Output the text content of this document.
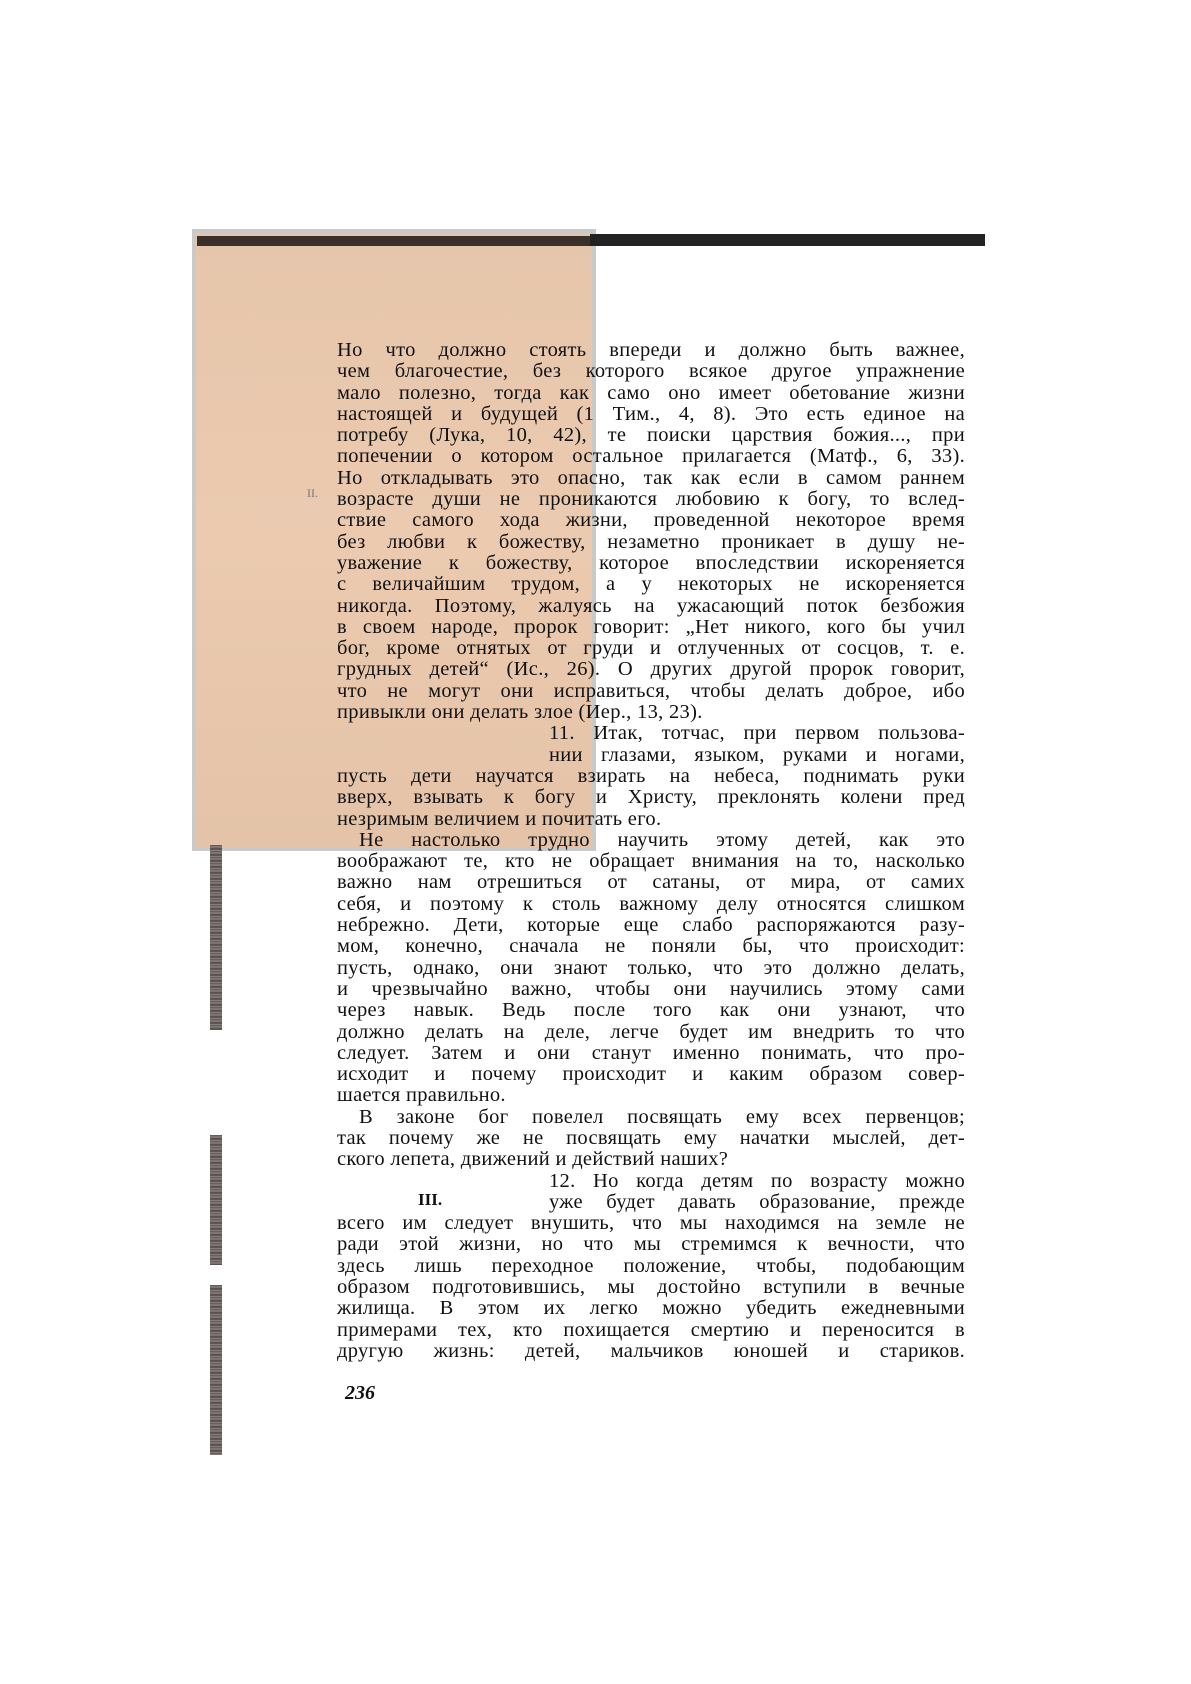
II.
Но что должно стоять впереди и должно быть важнее,
чем благочестие, без которого всякое другое упражнение
мало полезно, тогда как само оно имеет обетование жизни
настоящей и будущей (1 Тим., 4, 8). Это есть единое на
потребу (Лука, 10, 42), те поиски царствия божия..., при
попечении о котором остальное прилагается (Матф., 6, 33).
Но откладывать это опасно, так как если в самом раннем
возрасте души не проникаются любовию к богу, то вслед-
ствие самого хода жизни, проведенной некоторое время
без любви к божеству, незаметно проникает в душу не-
уважение к божеству, которое впоследствии искореняется
с величайшим трудом, а у некоторых не искореняется
никогда. Поэтому, жалуясь на ужасающий поток безбожия
в своем народе, пророк говорит: „Нет никого, кого бы учил
бог, кроме отнятых от груди и отлученных от сосцов, т. е.
грудных детей“ (Ис., 26). О других другой пророк говорит,
что не могут они исправиться, чтобы делать доброе, ибо
привыкли они делать злое (Иер., 13, 23).
11. Итак, тотчас, при первом пользова-
нии глазами, языком, руками и ногами,
пусть дети научатся взирать на небеса, поднимать руки
вверх, взывать к богу и Христу, преклонять колени пред
незримым величием и почитать его.
Не настолько трудно научить этому детей, как это
воображают те, кто не обращает внимания на то, насколько
важно нам отрешиться от сатаны, от мира, от самих
себя, и поэтому к столь важному делу относятся слишком
небрежно. Дети, которые еще слабо распоряжаются разу-
мом, конечно, сначала не поняли бы, что происходит:
пусть, однако, они знают только, что это должно делать,
и чрезвычайно важно, чтобы они научились этому сами
через навык. Ведь после того как они узнают, что
должно делать на деле, легче будет им внедрить то что
следует. Затем и они станут именно понимать, что про-
исходит и почему происходит и каким образом совер-
шается правильно.
В законе бог повелел посвящать ему всех первенцов;
так почему же не посвящать ему начатки мыслей, дет-
ского лепета, движений и действий наших?
12. Но когда детям по возрасту можно
уже будет давать образование, прежде
всего им следует внушить, что мы находимся на земле не
ради этой жизни, но что мы стремимся к вечности, что
здесь лишь переходное положение, чтобы, подобающим
образом подготовившись, мы достойно вступили в вечные
жилища. В этом их легко можно убедить ежедневными
примерами тех, кто похищается смертию и переносится в
другую жизнь: детей, мальчиков юношей и стариков.
III.
236
